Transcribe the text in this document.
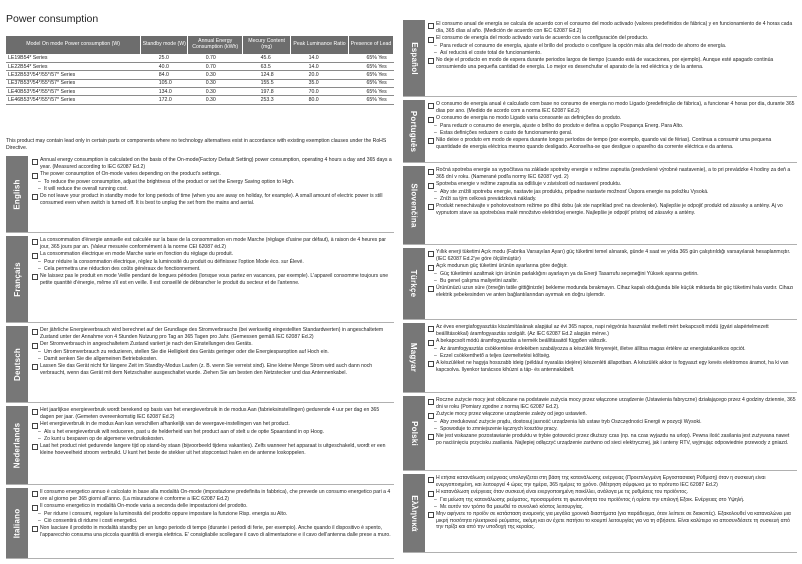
Power consumption
Model On mode Power consumption (W)	Standby mode (W)	Annual Energy Consumption (kWh)	Mecury Content (mg)	Peak Luminance Ratio	Presence of Lead
LE19B54* Series	25.0	0.70	45.6	14.0	65% Yes
LE22B54* Series	40.0	0.70	63.5	14.0	65% Yes
LE32B53*/54*/55*/57* Series	84.0	0.30	124.8	20.0	65% Yes
LE37B53*/54*/55*/57* Series	105.0	0.30	155.5	35.0	65% Yes
LE40B53*/54*/55*/57* Series	134.0	0.30	197.8	70.0	65% Yes
LE46B53*/54*/55*/57* Series	172.0	0.30	253.3	80.0	65% Yes
This product may contain lead only in certain parts or components where no technology alternatives exist in accordance with existing exemption clauses under the RoHS Directive.
English
Annual energy consumption is calculated on the basis of the On-mode(Factory Default Setting) power consumption, operating 4 hours a day and 365 days a year. (Measured according to IEC 62087 Ed.2)
The power consumption of On-mode varies depending on the product's settings.
– To reduce the power consumption, adjust the brightness of the product or set the Energy Saving option to High.
– It will reduce the overall running cost.
Do not leave your product in standby mode for long periods of time (when you are away on holiday, for example). A small amount of electric power is still consumed even when switch is turned off. It is best to unplug the set from the mains and aerial.
Français
La consommation d'énergie annuelle est calculée sur la base de la consommation en mode Marche (réglage d'usine par défaut), à raison de 4 heures par jour, 365 jours par an. (Valeur mesurée conformément à la norme CEI 62087 éd.2)
La consommation électrique en mode Marche varie en fonction du réglage du produit.
– Pour réduire la consommation électrique, réglez la luminosité du produit ou définissez l'option Mode éco. sur Élevé.
– Cela permettra une réduction des coûts généraux de fonctionnement.
Ne laissez pas le produit en mode Veille pendant de longues périodes (lorsque vous partez en vacances, par exemple). L'appareil consomme toujours une petite quantité d'énergie, même s'il est en veille. Il est conseillé de débrancher le produit du secteur et de l'antenne.
Deutsch
Der jährliche Energieverbrauch wird berechnet auf der Grundlage des Stromverbrauchs (bei werkseitig eingestellten Standardwerten) in angeschaltetem Zustand unter der Annahme von 4 Stunden Nutzung pro Tag an 365 Tagen pro Jahr. (Gemessen gemäß IEC 62087 Ed.2)
Der Stromverbrauch in angeschaltetem Zustand variiert je nach den Einstellungen des Geräts.
– Um den Stromverbrauch zu reduzieren, stellen Sie die Helligkeit des Geräts geringer oder die Energiesparoption auf Hoch ein.
– Damit senken Sie die allgemeinen Betriebskosten.
Lassen Sie das Gerät nicht für längere Zeit im Standby-Modus Laufen (z. B. wenn Sie verreist sind). Eine kleine Menge Strom wird auch dann noch verbraucht, wenn das Gerät mit dem Netzschalter ausgeschaltet wurde. Ziehen Sie am besten den Netzstecker und das Antennenkabel.
Nederlands
Het jaarlijkse energieverbruik wordt berekend op basis van het energieverbruik in de modus Aan (fabrieksinstellingen) gedurende 4 uur per dag en 365 dagen per jaar. (Gemeten overeenkomstig IEC 62087 Ed.2)
Het energieverbruik in de modus Aan kan verschillen afhankelijk van de weergave-instellingen van het product.
– Als u het energieverbruik wilt reduceren, past u de helderheid van het product aan of stelt u de optie Spaarstand in op Hoog.
– Zo kunt u besparen op de algemene verbruikskosten.
Laat het product niet gedurende langere tijd op stand-by staan (bijvoorbeeld tijdens vakanties). Zelfs wanneer het apparaat is uitgeschakeld, wordt er een kleine hoeveelheid stroom verbruikt. U kunt het beste de stekker uit het stopcontact halen en de antenne loskoppelen.
Italiano
Il consumo energetico annuo è calcolato in base alla modalità On-mode (impostazione predefinita in fabbrica), che prevede un consumo energetico pari a 4 ore al giorno per 365 giorni all'anno. (La misurazione è conforme a IEC 62087 Ed.2)
Il consumo energetico in modalità On-mode varia a seconda delle impostazioni del prodotto.
– Per ridurre i consumi, regolare la luminosità del prodotto oppure impostare la funzione Risp. energia su Alto.
– Ciò consentirà di ridurre i costi energetici.
Non lasciare il prodotto in modalità standby per un lungo periodo di tempo (durante i periodi di ferie, per esempio). Anche quando il dispositivo è spento, l'apparecchio consuma una piccola quantità di energia elettrica. E' consigliabile scollegare il cavo di alimentazione e il cavo dell'antenna dalle prese a muro.
Español
El consumo anual de energía se calcula de acuerdo con el consumo del modo activado (valores predefinidos de fábrica) y en funcionamiento de 4 horas cada día, 365 días al año. (Medición de acuerdo con IEC 62087 Ed.2)
El consumo de energía del modo activado varía de acuerdo con la configuración del producto.
– Para reducir el consumo de energía, ajuste el brillo del producto o configure la opción más alta del modo de ahorro de energía.
– Así reducirá el coste total de funcionamiento.
No deje el producto en modo de espera durante periodos largos de tiempo (cuando está de vacaciones, por ejemplo). Aunque esté apagado continúa consumiendo una pequeña cantidad de energía. Lo mejor es desenchufar el aparato de la red eléctrica y de la antena.
Português
O consumo de energia anual é calculado com base no consumo de energia no modo Ligado (predefinição de fábrica), a funcionar 4 horas por dia, durante 365 dias por ano. (Medido de acordo com a norma IEC 62087 Ed.2)
O consumo de energia no modo Ligado varia consoante as definições do produto.
– Para reduzir o consumo de energia, ajuste o brilho do produto e defina a opção Poupança Energ. Para Alto.
– Estas definições reduzem o custo de funcionamento geral.
Não deixe o produto em modo de espera durante longos períodos de tempo (por exemplo, quando vai de férias). Continua a consumir uma pequena quantidade de energia eléctrica mesmo quando desligado. Aconselha-se que desligue o aparelho da corrente eléctrica e da antena.
Slovenčina
Ročná spotreba energie sa vypočítava na základe spotreby energie v režime zapnutia (predvolené výrobné nastavenie), a to pri prevádzke 4 hodiny za deň a 365 dní v roku. (Namerané podľa normy IEC 62087 vyd. 2)
Spotreba energie v režime zapnutia sa odlišuje v závislosti od nastavení produktu.
– Aby ste znížili spotrebu energie, nastavte jas produktu, prípadne nastavte možnosť Úspora energie na položku Vysoká.
– Zníži sa tým celková prevádzková náklady.
Produkt nenechávajte v pohotovostnom režime po dlhú dobu (ak ste napríklad preč na dovolenke). Najlepšie je odpojiť produkt od zásuvky a antény. Aj vo vypnutom stave sa spotrebúva malé množstvo elektrickej energie. Najlepšie je odpojiť prístroj od zásuvky a antény.
Türkçe
Yıllık enerji tüketimi Açık modu (Fabrika Varsayılan Ayarı) güç tüketimi temel alınarak, günde 4 saat ve yılda 365 gün çalıştırıldığı varsayılarak hesaplanmıştır. (IEC 62087 Ed.2'ye göre ölçülmüştür)
Açık modunun güç tüketimi ürünün ayarlarına göre değişir.
– Güç tüketimini azaltmak için ürünün parlaklığını ayarlayın ya da Enerji Tasarrufu seçeneğini Yüksek ayarına getirin.
– Bu genel çalışma maliyetini azaltır.
Ürününüzü uzun süre (örneğin tatile gittiğinizde) bekleme modunda bırakmayın. Cihaz kapalı olduğunda bile küçük miktarda bir güç tüketimi hala vardır. Cihazı elektrik şebekesinden ve anten bağlantılarından ayırmak en doğru işlemdir.
Magyar
Az éves energiafogyasztás kiszámításának alapjául az évi 365 napos, napi négyórás használat mellett mért bekapcsolt módú (gyári alapértelmezett beállításokkal) áramfogyasztás szolgált. (Az IEC 62087 Ed.2 alapján mérve.)
A bekapcsolt módú áramfogyasztás a termék beállításaitól függően változik.
– Az áramfogyasztás csökkentése érdekében szabályozza a készülék fényerejét, illetve állítsa magas értékre az energiatakarékos opciót.
– Ezzel csökkenthető a teljes üzemeltetési költség.
A készüléket ne hagyja hosszabb ideig (például nyaralás idejére) készenléti állapotban. A készülék akkor is fogyaszt egy kevés elektromos áramot, ha ki van kapcsolva. Ilyenkor tanácsos kihúzni a táp- és antennakábelt.
Polski
Roczne zużycie mocy jest obliczane na podstawie zużycia mocy przez włączone urządzenie (Ustawienia fabryczne) działającego przez 4 godziny dziennie, 365 dni w roku (Pomiary zgodne z normą IEC 62087 Ed.2).
Zużycie mocy przez włączone urządzenie zależy od jego ustawień.
– Aby zredukować zużycie prądu, dostosuj jasność urządzenia lub ustaw tryb Oszczędności Energii w pozycji Wysoki.
– Spowoduje to zmniejszenie łącznych kosztów pracy.
Nie jest wskazane pozostawianie produktu w trybie gotowości przez dłuższy czas (np. na czas wyjazdu na urlop). Pewna ilość zasilania jest zużywana nawet po naciśnięciu przycisku zasilania. Najlepiej odłączyć urządzenie zarówno od sieci elektrycznej, jak i anteny RTV, wyjmując odpowiednie przewody z gniazd.
Ελληνικά
Η ετήσια κατανάλωση ενέργειας υπολογίζεται στη βάση της κατανάλωσης ενέργειας (Προεπιλεγμένη Εργοστασιακή Ρύθμιση) όταν η συσκευή είναι ενεργοποιημένη, και λειτουργεί 4 ώρες την ημέρα, 365 ημέρες το χρόνο. (Μέτρηση σύμφωνα με το πρότυπο IEC 62087 Ed.2)
Η κατανάλωση ενέργειας όταν συσκευή είναι ενεργοποιημένη ποικίλλει, ανάλογα με τις ρυθμίσεις του προϊόντος.
– Για μείωση της κατανάλωσης ρεύματος, προσαρμόστε τη φωτεινότητα του προϊόντος ή ορίστε την επιλογή Εξοικ. Ενέργειας στο Υψηλή.
– Με αυτόν τον τρόπο θα μειωθεί το συνολικό κόστος λειτουργίας.
Μην αφήνετε το προϊόν σε κατάσταση αναμονής για μεγάλα χρονικά διαστήματα (για παράδειγμα, όταν λείπετε σε διακοπές). Εξακολουθεί να καταναλώνει μια μικρή ποσότητα ηλεκτρικού ρεύματος, ακόμη και αν έχετε πατήσει το κουμπί λειτουργίας για να τη σβήσετε. Είναι καλύτερο να αποσυνδέσετε τη συσκευή από την πρίζα και από την υποδοχή της κεραίας.
